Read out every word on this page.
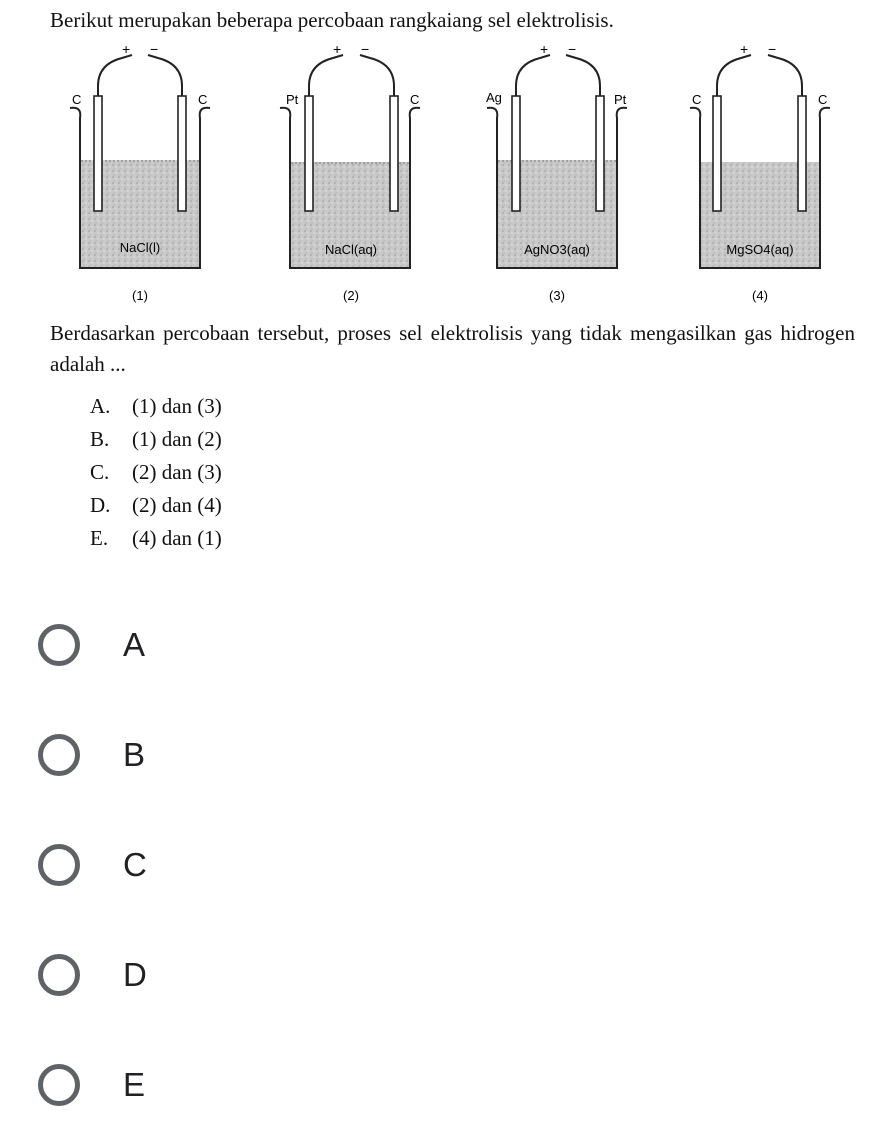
Berikut merupakan beberapa percobaan rangkaiang sel elektrolisis.
+ −
C	C
NaCl(l)
(1)
+ −
Pt	C
NaCl(aq)
(2)
+ −
Ag	Pt
AgNO3(aq)
(3)
+ −
C	C
MgSO4(aq)
(4)
Berdasarkan percobaan tersebut, proses sel elektrolisis yang tidak mengasilkan gas hidrogen adalah ...
A.	(1) dan (3)
B.	(1) dan (2)
C.	(2) dan (3)
D.	(2) dan (4)
E.	(4) dan (1)
A
B
C
D
E
